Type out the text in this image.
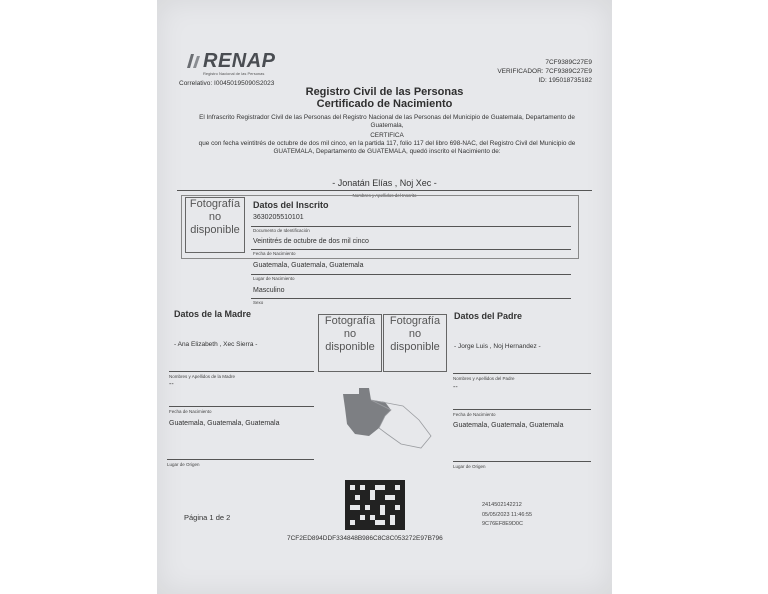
RENAP
Registro Nacional de las Personas
Correlativo: I00450195090S2023
7CF9389C27E9
VERIFICADOR: 7CF9389C27E9
ID: 195018735182
Registro Civil de las Personas
Certificado de Nacimiento
El Infrascrito Registrador Civil de las Personas del Registro Nacional de las Personas del Municipio de Guatemala, Departamento de Guatemala,
CERTIFICA
que con fecha veintitrés de octubre de dos mil cinco, en la partida 117, folio 117 del libro 698-NAC, del Registro Civil del Municipio de GUATEMALA, Departamento de GUATEMALA, quedó inscrito el Nacimiento de:
- Jonatán Elías , Noj Xec -
Nombres y Apellidos del Inscrito
Fotografía
no
disponible
Datos del Inscrito
3630205510101
Documento de Identificación
Veintitrés de octubre de dos mil cinco
Fecha de Nacimiento
Guatemala, Guatemala, Guatemala
Lugar de Nacimiento
Masculino
Sexo
Datos de la Madre
- Ana Elizabeth , Xec Sierra -
Nombres y Apellidos de la Madre
--
Fecha de Nacimiento
Guatemala, Guatemala, Guatemala
Lugar de Origen
Fotografía
no
disponible
Fotografía
no
disponible
Datos del Padre
- Jorge Luis , Noj Hernandez -
Nombres y Apellidos del Padre
--
Fecha de Nacimiento
Guatemala, Guatemala, Guatemala
Lugar de Origen
Página 1 de 2
2414502142212
05/05/2023 11:46:55
9C76EF8E9D0C
7CF2ED894DDF334848B986C8C8C053272E97B796
